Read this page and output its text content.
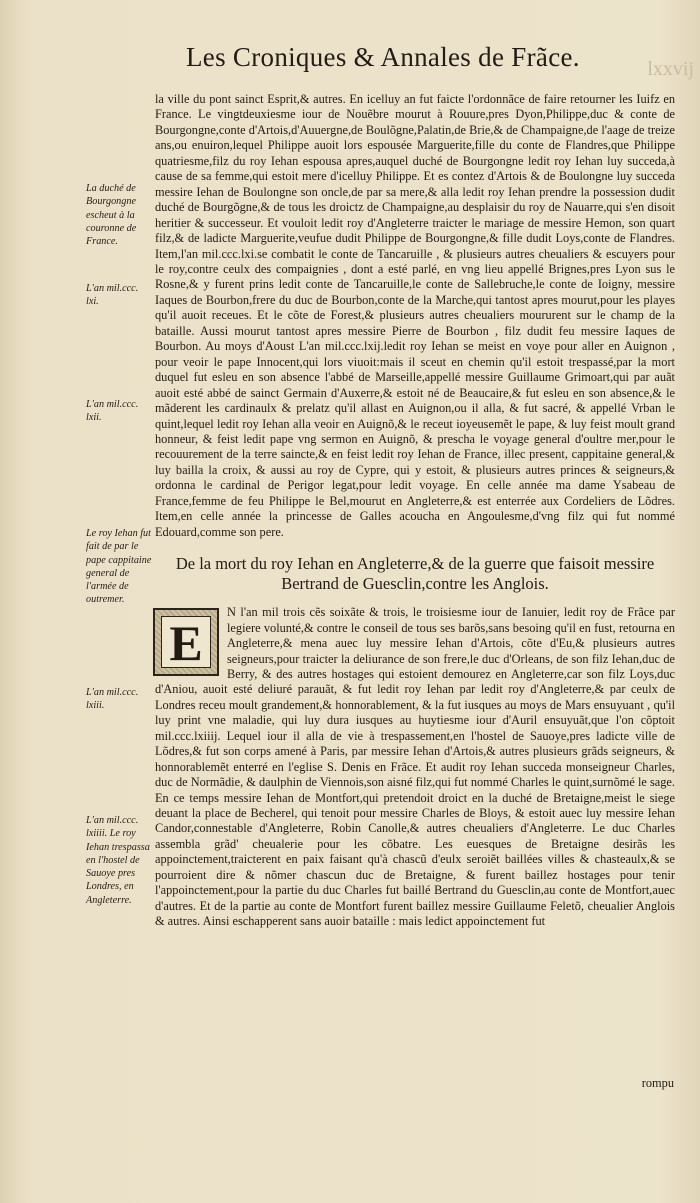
Les Croniques & Annales de Frãce.	lxxvij
La duché de Bourgongne escheut à la couronne de France.
L'an mil.ccc. lxi.
L'an mil.ccc. lxii.
Le roy Iehan fut fait de par le pape cappitaine general de l'armée de outremer.
L'an mil.ccc. lxiii.
L'an mil.ccc. lxiiii. Le roy Iehan trespassa en l'hostel de Sauoye pres Londres, en Angleterre.

la ville du pont sainct Esprit,& autres. En icelluy an fut faicte l'ordonnãce de faire retourner les Iuifz en France. Le vingtdeuxiesme iour de Nouẽbre mourut à Rouure,pres Dyon,Philippe,duc & conte de Bourgongne,conte d'Artois,d'Auuergne,de Boulõgne,Palatin,de Brie,& de Champaigne,de l'aage de treize ans,ou enuiron,lequel Philippe auoit lors espousée Marguerite,fille du conte de Flandres,que Philippe quatriesme,filz du roy Iehan espousa apres,auquel duché de Bourgongne ledit roy Iehan luy succeda,à cause de sa femme,qui estoit mere d'icelluy Philippe. Et es contez d'Artois & de Boulongne luy succeda messire Iehan de Boulongne son oncle,de par sa mere,& alla ledit roy Iehan prendre la possession dudit duché de Bourgõgne,& de tous les droictz de Champaigne,au desplaisir du roy de Nauarre,qui s'en disoit heritier & successeur. Et vouloit ledit roy d'Angleterre traicter le mariage de messire Hemon, son quart filz,& de ladicte Marguerite,veufue dudit Philippe de Bourgongne,& fille dudit Loys,conte de Flandres. Item,l'an mil.ccc.lxi.se combatit le conte de Tancaruille , & plusieurs autres cheualiers & escuyers pour le roy,contre ceulx des compaignies , dont a esté parlé, en vng lieu appellé Brignes,pres Lyon sus le Rosne,& y furent prins ledit conte de Tancaruille,le conte de Sallebruche,le conte de Ioigny, messire Iaques de Bourbon,frere du duc de Bourbon,conte de la Marche,qui tantost apres mourut,pour les playes qu'il auoit receues. Et le cõte de Forest,& plusieurs autres cheualiers moururent sur le champ de la bataille. Aussi mourut tantost apres messire Pierre de Bourbon , filz dudit feu messire Iaques de Bourbon. Au moys d'Aoust L'an mil.ccc.lxij.ledit roy Iehan se meist en voye pour aller en Auignon , pour veoir le pape Innocent,qui lors viuoit:mais il sceut en chemin qu'il estoit trespassé,par la mort duquel fut esleu en son absence l'abbé de Marseille,appellé messire Guillaume Grimoart,qui par auãt auoit esté abbé de sainct Germain d'Auxerre,& estoit né de Beaucaire,& fut esleu en son absence,& le mãderent les cardinaulx & prelatz qu'il allast en Auignon,ou il alla, & fut sacré, & appellé Vrban le quint,lequel ledit roy Iehan alla veoir en Auignõ,& le receut ioyeusemẽt le pape, & luy feist moult grand honneur, & feist ledit pape vng sermon en Auignõ, & prescha le voyage general d'oultre mer,pour le recouurement de la terre saincte,& en feist ledit roy Iehan de France, illec present, cappitaine general,& luy bailla la croix, & aussi au roy de Cypre, qui y estoit, & plusieurs autres princes & seigneurs,& ordonna le cardinal de Perigor legat,pour ledit voyage. En celle année ma dame Ysabeau de France,femme de feu Philippe le Bel,mourut en Angleterre,& est enterrée aux Cordeliers de Lõdres. Item,en celle année la princesse de Galles acoucha en Angoulesme,d'vng filz qui fut nommé Edouard,comme son pere.

De la mort du roy Iehan en Angleterre,& de la guerre que faisoit messire Bertrand de Guesclin,contre les Anglois.
E

N l'an mil trois cẽs soixãte & trois, le troisiesme iour de Ianuier, ledit roy de Frãce par legiere volunté,& contre le conseil de tous ses barõs,sans besoing qu'il en fust, retourna en Angleterre,& mena auec luy messire Iehan d'Artois, cõte d'Eu,& plusieurs autres seigneurs,pour traicter la deliurance de son frere,le duc d'Orleans, de son filz Iehan,duc de Berry, & des autres hostages qui estoient demourez en Angleterre,car son filz Loys,duc d'Aniou, auoit esté deliuré parauãt, & fut ledit roy Iehan par ledit roy d'Angleterre,& par ceulx de Londres receu moult grandement,& honnorablement, & la fut iusques au moys de Mars ensuyuant , qu'il luy print vne maladie, qui luy dura iusques au huytiesme iour d'Auril ensuyuãt,que l'on cõptoit mil.ccc.lxiiij. Lequel iour il alla de vie à trespassement,en l'hostel de Sauoye,pres ladicte ville de Lõdres,& fut son corps amené à Paris, par messire Iehan d'Artois,& autres plusieurs grãds seigneurs, & honnorablemẽt enterré en l'eglise S. Denis en Frãce. Et audit roy Iehan succeda monseigneur Charles, duc de Normãdie, & daulphin de Viennois,son aisné filz,qui fut nommé Charles le quint,surnõmé le sage. En ce temps messire Iehan de Montfort,qui pretendoit droict en la duché de Bretaigne,meist le siege deuant la place de Becherel, qui tenoit pour messire Charles de Bloys, & estoit auec luy messire Iehan Candor,connestable d'Angleterre, Robin Canolle,& autres cheualiers d'Angleterre. Le duc Charles assembla grãd' cheualerie pour les cõbatre. Les euesques de Bretaigne desirãs les appoinctement,traicterent en paix faisant qu'à chascũ d'eulx seroiẽt baillées villes & chasteaulx,& se pourroient dire & nõmer chascun duc de Bretaigne, & furent baillez hostages pour tenir l'appoinctement,pour la partie du duc Charles fut baillé Bertrand du Guesclin,au conte de Montfort,auec d'autres. Et de la partie au conte de Montfort furent baillez messire Guillaume Feletõ, cheualier Anglois & autres. Ainsi eschapperent sans auoir bataille : mais ledict appoinctement fut

rompu
